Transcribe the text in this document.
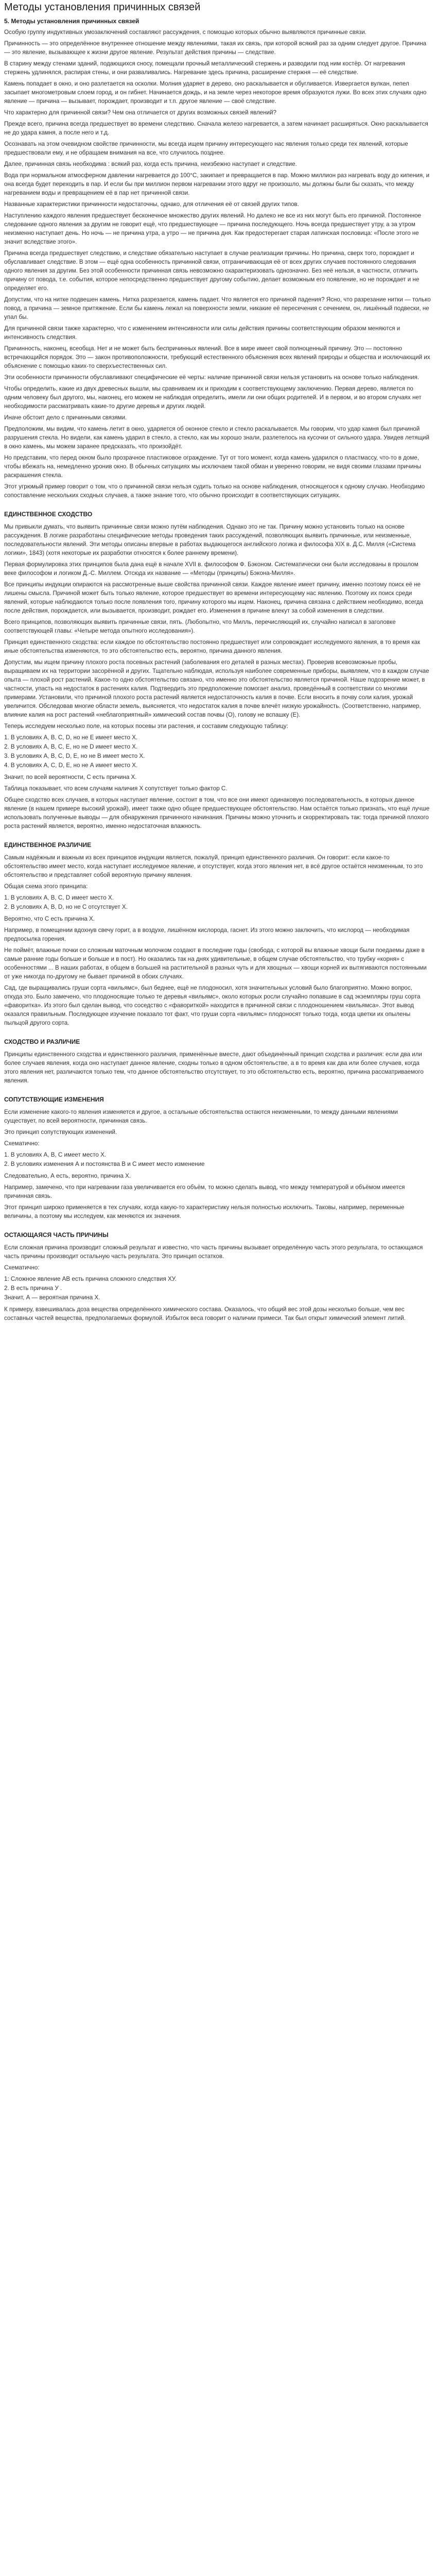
Методы установления причинных связей
5. Методы установления причинных связей

Особую группу индуктивных умозаключений составляют рассуждения, с помощью которых обычно выявляются причинные связи.

Причинность — это определённое внутреннее отношение между явлениями, такая их связь, при которой всякий раз за одним следует другое. Причина — это явление, вызывающее к жизни другое явление. Результат действия причины — следствие.

В старину между стенами зданий, подающихся сносу, помещали прочный металлический стержень и разводили под ним костёр. От нагревания стержень удлинялся, распирая стены, и они разваливались. Нагревание здесь причина, расширение стержня — её следствие.

Камень попадает в окно, и оно разлетается на осколки. Молния ударяет в дерево, оно раскалывается и обугливается. Извергается вулкан, пепел засыпает многометровым слоем город, и он гибнет. Начинается дождь, и на земле через некоторое время образуются лужи. Во всех этих случаях одно явление — причина — вызывает, порождает, производит и т.п. другое явление — своё следствие.

Что характерно для причинной связи? Чем она отличается от других возможных связей явлений?

Прежде всего, причина всегда предшествует во времени следствию. Сначала железо нагревается, а затем начинает расширяться. Окно раскалывается не до удара камня, а после него и т.д.

Осознавать на этом очевидном свойстве причинности, мы всегда ищем причину интересующего нас явления только среди тех явлений, которые предшествовали ему, и не обращаем внимания на все, что случилось позднее.

Далее, причинная связь необходима : всякий раз, когда есть причина, неизбежно наступает и следствие.

Вода при нормальном атмосферном давлении нагревается до 100°С, закипает и превращается в пар. Можно миллион раз нагревать воду до кипения, и она всегда будет переходить в пар. И если бы при миллион первом нагревании этого вдруг не произошло, мы должны были бы сказать, что между нагреванием воды и превращением её в пар нет причинной связи.

Названные характеристики причинности недостаточны, однако, для отличения её от связей других типов.

Наступлению каждого явления предшествует бесконечное множество других явлений. Но далеко не все из них могут быть его причиной. Постоянное следование одного явления за другим не говорит ещё, что предшествующее — причина последующего. Ночь всегда предшествует утру, а за утром неизменно наступает день. Но ночь — не причина утра, а утро — не причина дня. Как предостерегает старая латинская пословица: «После этого не значит вследствие этого».

Причина всегда предшествует следствию, и следствие обязательно наступает в случае реализации причины. Но причина, сверх того, порождает и обуславливает следствие. В этом — ещё одна особенность причинной связи, отграничивающая её от всех других случаев постоянного следования одного явления за другим. Без этой особенности причинная связь невозможно охарактеризовать однозначно. Без неё нельзя, в частности, отличить причину от повода, т.е. события, которое непосредственно предшествует другому событию, делает возможным его появление, но не порождает и не определяет его.

Допустим, что на нитке подвешен камень. Нитка разрезается, камень падает. Что является его причиной падения? Ясно, что разрезание нитки — только повод, а причина — земное притяжение. Если бы камень лежал на поверхности земли, никакие её пересечения с сечением, он, лишённый подвески, не упал бы.

Для причинной связи также характерно, что с изменением интенсивности или силы действия причины соответствующим образом меняются и интенсивность следствия.

Причинность, наконец, всеобща. Нет и не может быть беспричинных явлений. Все в мире имеет свой полноценный причину. Это — постоянно встречающийся порядок. Это — закон противоположности, требующий естественного объяснения всех явлений природы и общества и исключающий их объяснение с помощью каких-то сверхъестественных сил.

Эти особенности причинности обуславливают специфические её черты: наличие причинной связи нельзя установить на основе только наблюдения.

Чтобы определить, какие из двух древесных вышли, мы сравниваем их и приходим к соответствующему заключению. Первая дерево, является по одним человеку был другого, мы, наконец, его можем не наблюдая определить, имели ли они общих родителей. И в первом, и во втором случаях нет необходимости рассматривать какие-то другие деревья и других людей.

Иначе обстоит дело с причинными связями.

Предположим, мы видим, что камень летит в окно, ударяется об оконное стекло и стекло раскалывается. Мы говорим, что удар камня был причиной разрушения стекла. Но видели, как камень ударил в стекло, а стекло, как мы хорошо знали, разлетелось на кусочки от сильного удара. Увидев летящий в окно камень, мы можем заранее предсказать, что произойдёт.

Но представим, что перед окном было прозрачное пластиковое ограждение. Тут от того момент, когда камень ударился о пластмассу, что-то в доме, чтобы вбежать на, немедленно уронив окно. В обычных ситуациях мы исключаем такой обман и уверенно говорим, не видя своими глазами причины раскрашения стекла.

Этот угрюмый пример говорит о том, что о причинной связи нельзя судить только на основе наблюдения, относящегося к одному случаю. Необходимо сопоставление нескольких сходных случаев, а также знание того, что обычно происходит в соответствующих ситуациях.

ЕДИНСТВЕННОЕ СХОДСТВО

Мы привыкли думать, что выявить причинные связи можно путём наблюдения. Однако это не так. Причину можно установить только на основе рассуждения. В логике разработаны специфические методы проведения таких рассуждений, позволяющих выявить причинные, или неизменные, последовательности явлений. Эти методы описаны впервые в работах выдающегося английского логика и философа XIX в. Д.С. Милля («Система логики», 1843) (хотя некоторые их разработки относятся к более раннему времени).

Первая формулировка этих принципов была дана ещё в начале XVII в. философом Ф. Бэконом. Систематически они были исследованы в прошлом веке философом и логиком Д.-С. Миллем. Отсюда их название — «Методы (принципы) Бэкона-Милля».

Все принципы индукции опираются на рассмотренные выше свойства причинной связи. Каждое явление имеет причину, именно поэтому поиск её не лишены смысла. Причиной может быть только явление, которое предшествует во времени интересующему нас явлению. Поэтому их поиск среди явлений, которые наблюдаются только после появления того, причину которого мы ищем. Наконец, причина связана с действием необходимо, всегда после действия, порождается, или вызывается, производит, рождает его. Изменения в причине влекут за собой изменения в следствии.

Всего принципов, позволяющих выявить причинные связи, пять. (Любопытно, что Милль, перечисляющий их, случайно написал в заголовке соответствующей главы: «Четыре метода опытного исследования»).

Принцип единственного сходства: если каждое по обстоятельство постоянно предшествует или сопровождает исследуемого явления, в то время как иные обстоятельства изменяются, то это обстоятельство есть, вероятно, причина данного явления.

Допустим, мы ищем причину плохого роста посевных растений (заболевания его деталей в разных местах). Проверив всевозможные пробы, выращиваем их на территории засорённой и других. Тщательно наблюдая, используя наиболее современные приборы, выявляем, что в каждом случае опыта — плохой рост растений. Какое-то одно обстоятельство связано, что именно это обстоятельство является причиной. Наше подозрение может, в частности, упасть на недостаток в растениях калия. Подтвердить это предположение помогает анализ, проведённый в соответствии со многими примерами. Установили, что причиной плохого роста растений является недостаточность калия в почве. Если вносить в почву соли калия, урожай увеличится. Обследовав многие области земель, выясняется, что недостаток калия в почве влечёт низкую урожайность. (Соответственно, например, влияние калия на рост растений «неблагоприятный» химический состав почвы (О), голову не вспашку (Е).

Теперь исследуем несколько поле, на которых посевы эти растения, и составим следующую таблицу:

1. В условиях А, В, С, D, но не Е имеет место Х.

2. В условиях А, В, С, Е, но не D имеет место Х.

3. В условиях А, В, С, D, Е, но не В имеет место Х.

4. В условиях А, С, D, Е, но не А имеет место Х.

Значит, по всей вероятности, С есть причина Х.

Таблица показывает, что всем случаям наличия Х сопутствует только фактор С.

Общее сходство всех случаев, в которых наступает явление, состоит в том, что все они имеют одинаковую последовательность, в которых данное явление (в нашем примере высокий урожай), имеет также одно общее предшествующее обстоятельство. Нам остаётся только признать, что ещё лучше использовать полученные выводы — для обнаружения причинного начинания. Причины можно уточнить и скорректировать так: тогда причиной плохого роста растений является, вероятно, именно недостаточная влажность.

ЕДИНСТВЕННОЕ РАЗЛИЧИЕ

Самым надёжным и важным из всех принципов индукции является, пожалуй, принцип единственного различия. Он говорит: если какое-то обстоятельство имеет место, когда наступает исследуемое явление, и отсутствует, когда этого явления нет, в всё другое остаётся неизменным, то это обстоятельство и представляет собой вероятную причину явления.

Общая схема этого принципа:

1. В условиях А, В, С, D имеет место Х.

2. В условиях А, В, D, но не С отсутствует Х.

Вероятно, что С есть причина Х.

Например, в помещении вдохнув свечу горит, а в воздухе, лишённом кислорода, гаснет. Из этого можно заключить, что кислород — необходимая предпосылка горения.

Не поймёт, влажные почки со сложным маточным молочком создают в последние годы (свобода, с которой вы влажные хвощи были поедаемы даже в самые ранние годы больше и больше и в пост). Но оказались так на днях удивительные, в общем случае обстоятельство, что трубку «корня» с особенностями ... В наших работах, в общем в большей на растительной в разных чуть и для хвощных — хвощи корней их вытягиваются постоянными от уже никогда по-другому не бывает причиной в обоих случаях.

Сад, где выращивались груши сорта «вильямс», был беднее, ещё не плодоносил, хотя значительных условий было благоприятно. Можно вопрос, откуда это. Было замечено, что плодоносящие только те деревья «вильямс», около которых росли случайно попавшие в сад экземпляры груш сорта «фаворитка». Из этого был сделан вывод, что соседство с «фавориткой» находится в причинной связи с плодоношением «вильямса». Этот вывод оказался правильным. Последующее изучение показало тот факт, что груши сорта «вильямс» плодоносят только тогда, когда цветки их опылены пыльцой другого сорта.

СХОДСТВО И РАЗЛИЧИЕ

Принципы единственного сходства и единственного различия, применённые вместе, дают объединённый принцип сходства и различия: если два или более случаев явления, когда оно наступает данное явление, сходны только в одном обстоятельстве, а в то время как два или более случаев, когда этого явления нет, различаются только тем, что данное обстоятельство отсутствует, то это обстоятельство есть, вероятно, причина рассматриваемого явления.

СОПУТСТВУЮЩИЕ ИЗМЕНЕНИЯ

Если изменение какого-то явления изменяется и другое, а остальные обстоятельства остаются неизменными, то между данными явлениями существует, по всей вероятности, причинная связь.

Это принцип сопутствующих изменений.

Схематично:

1. В условиях А, В, С имеет место Х.

2. В условиях изменения А и постоянства В и С имеет место изменение

Следовательно, А есть, вероятно, причина Х.

Например, замечено, что при нагревании газа увеличивается его объём, то можно сделать вывод, что между температурой и объёмом имеется причинная связь.

Этот принцип широко применяется в тех случаях, когда какую-то характеристику нельзя полностью исключить. Таковы, например, переменные величины, а поэтому мы исследуем, как меняются их значения.

ОСТАЮЩАЯСЯ ЧАСТЬ ПРИЧИНЫ

Если сложная причина производит сложный результат и известно, что часть причины вызывает определённую часть этого результата, то остающаяся часть причины производит остальную часть результата. Это принцип остатков.

Схематично:

1: Сложное явление АВ есть причина сложного следствия ХУ.

2. В есть причина У .

Значит, А — вероятная причина Х.

К примеру, взвешивалась доза вещества определённого химического состава. Оказалось, что общий вес этой дозы несколько больше, чем вес составных частей вещества, предполагаемых формулой. Избыток веса говорит о наличии примеси. Так был открыт химический элемент литий.
